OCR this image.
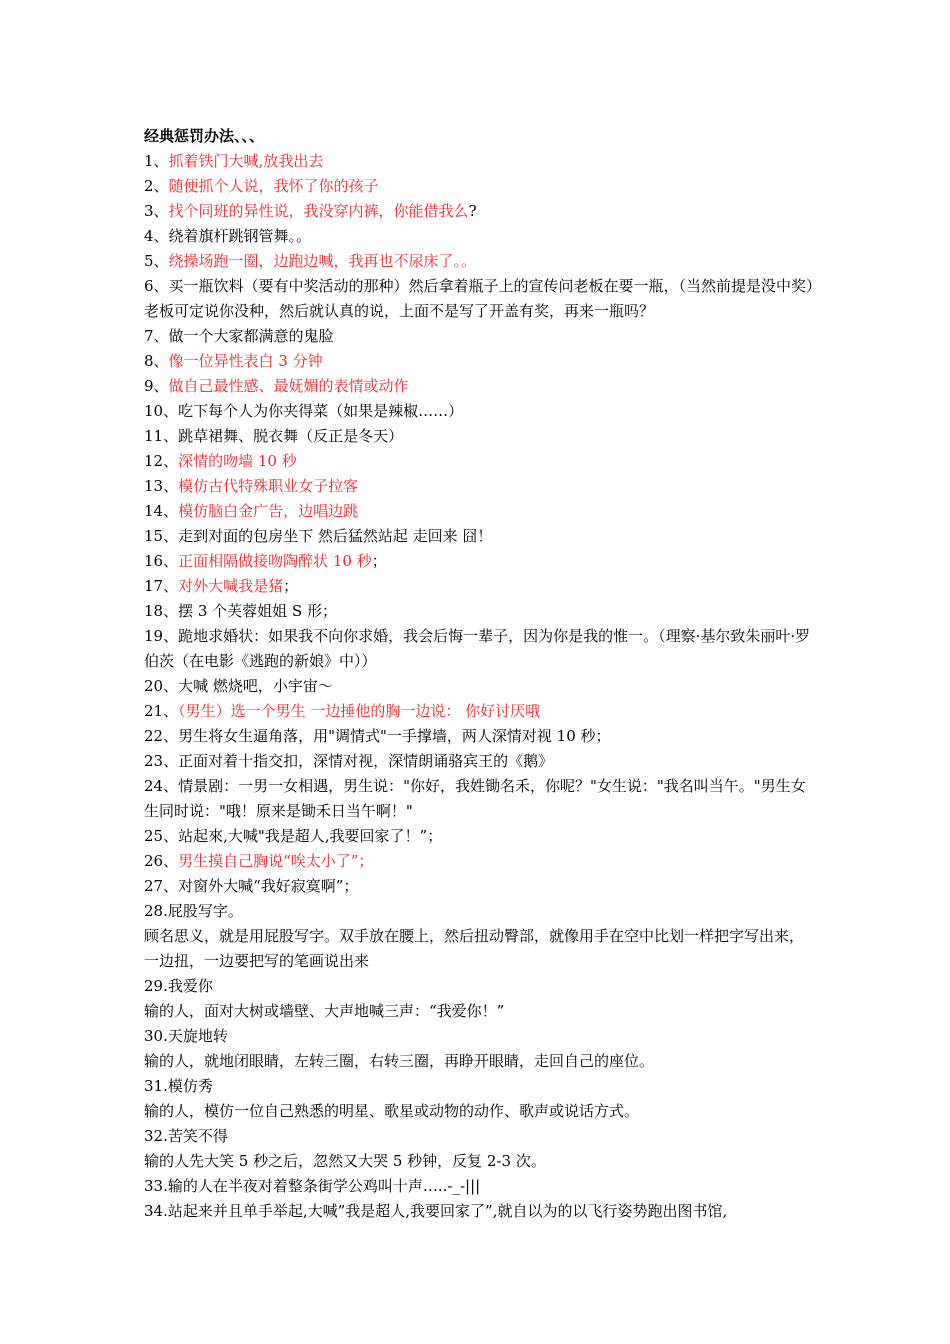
经典惩罚办法、、、
1、抓着铁门大喊,放我出去
2、随便抓个人说，我怀了你的孩子
3、找个同班的异性说，我没穿内裤，你能借我么?
4、绕着旗杆跳钢管舞。。
5、绕操场跑一圈，边跑边喊，我再也不尿床了。。
6、买一瓶饮料（要有中奖活动的那种）然后拿着瓶子上的宣传问老板在要一瓶，（当然前提是没中奖）老板可定说你没种，然后就认真的说，上面不是写了开盖有奖，再来一瓶吗？
7、做一个大家都满意的鬼脸
8、像一位异性表白 3 分钟
9、做自己最性感、最妩媚的表情或动作
10、吃下每个人为你夹得菜（如果是辣椒……）
11、跳草裙舞、脱衣舞（反正是冬天）
12、深情的吻墙 10 秒
13、模仿古代特殊职业女子拉客
14、模仿脑白金广告，边唱边跳
15、走到对面的包房坐下 然后猛然站起 走回来 囧！
16、正面相隔做接吻陶醉状 10 秒；
17、对外大喊我是猪；
18、摆 3 个芙蓉姐姐 S 形；
19、跪地求婚状：如果我不向你求婚，我会后悔一辈子，因为你是我的惟一。（理察·基尔致朱丽叶·罗伯茨（在电影《逃跑的新娘》中））
20、大喊 燃烧吧，小宇宙～
21、（男生）选一个男生 一边捶他的胸一边说： 你好讨厌哦
22、男生将女生逼角落，用"调情式"一手撑墙，两人深情对视 10 秒；
23、正面对着十指交扣，深情对视，深情朗诵骆宾王的《鹅》
24、情景剧：一男一女相遇，男生说："你好，我姓锄名禾，你呢？"女生说："我名叫当午。"男生女生同时说："哦！原来是锄禾日当午啊！"
25、站起來,大喊"我是超人,我要回家了！”；
26、男生摸自己胸说“唉太小了”；
27、对窗外大喊“我好寂寞啊”；
28.屁股写字。
顾名思义，就是用屁股写字。双手放在腰上，然后扭动臀部，就像用手在空中比划一样把字写出来，一边扭，一边要把写的笔画说出来
29.我爱你
输的人，面对大树或墙壁、大声地喊三声：“我爱你！”
30.天旋地转
输的人，就地闭眼睛，左转三圈，右转三圈，再睁开眼睛，走回自己的座位。
31.模仿秀
输的人，模仿一位自己熟悉的明星、歌星或动物的动作、歌声或说话方式。
32.苦笑不得
输的人先大笑 5 秒之后，忽然又大哭 5 秒钟，反复 2-3 次。
33.输的人在半夜对着整条街学公鸡叫十声…..-_-|||
34.站起来并且单手举起,大喊”我是超人,我要回家了”,就自以为的以飞行姿势跑出图书馆,
